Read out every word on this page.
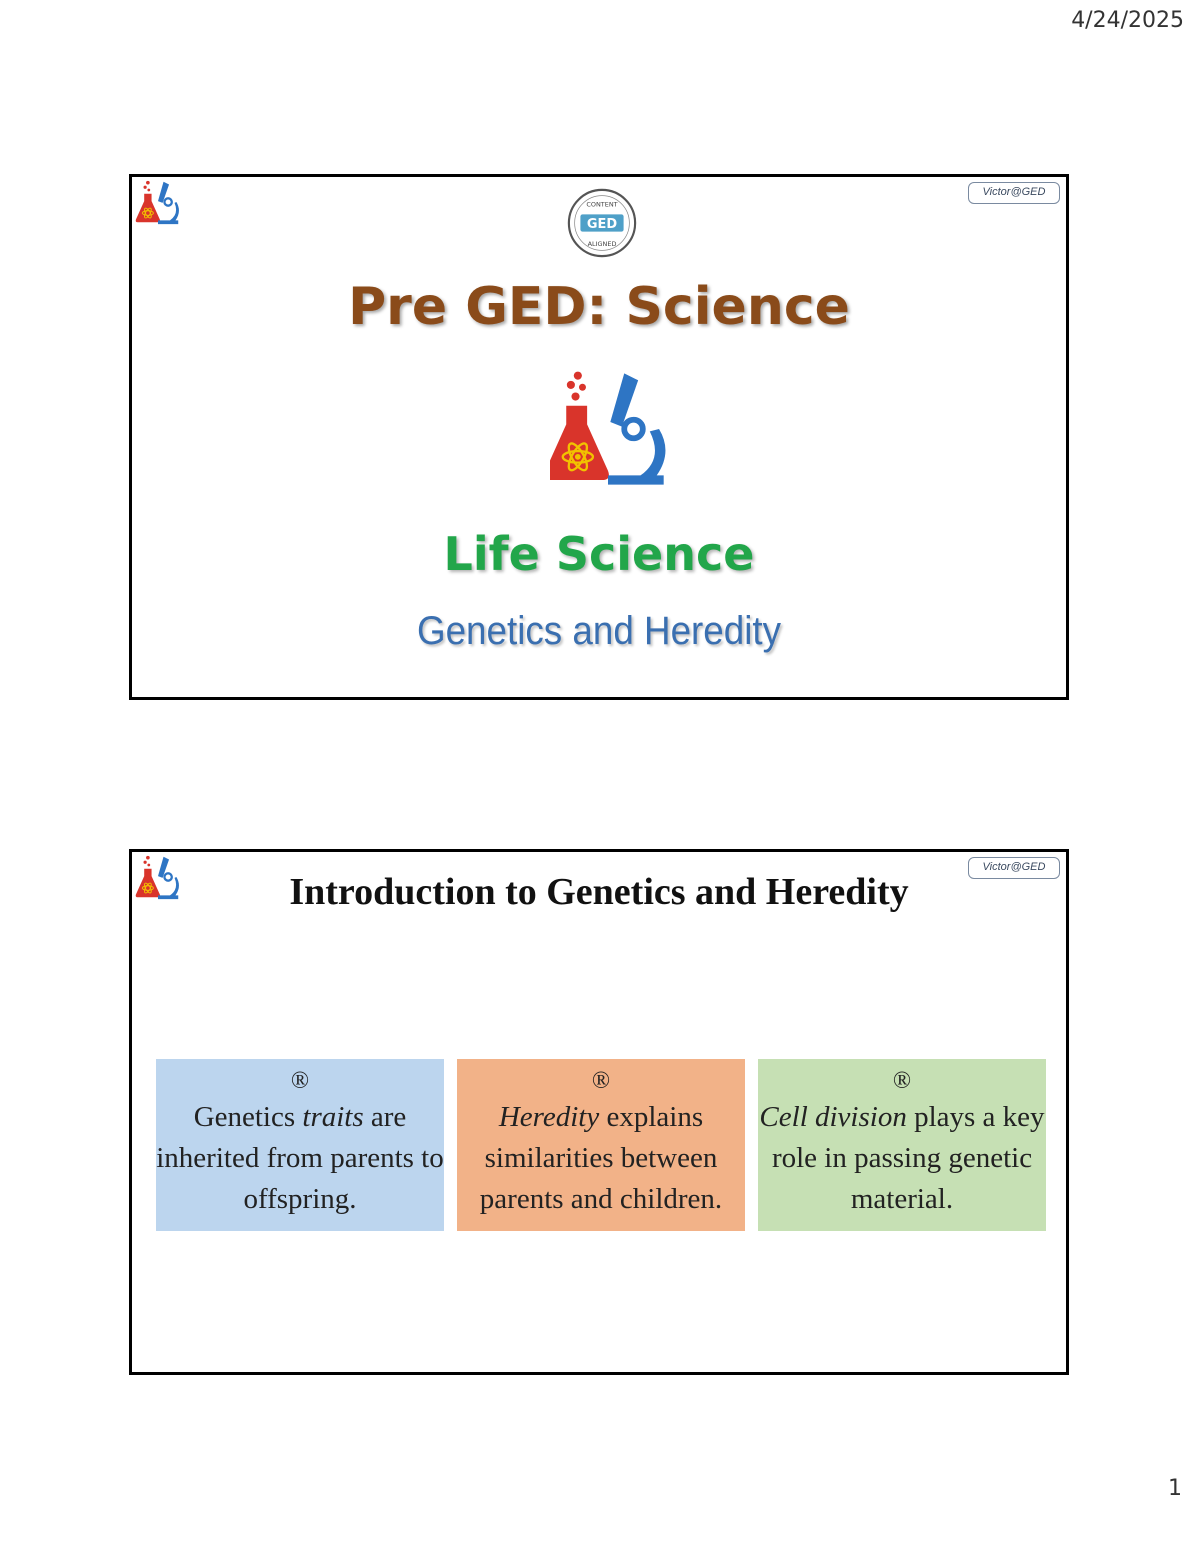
4/24/2025
GED
CONTENT
ALIGNED
Victor@GED
Pre GED: Science
Life Science
Genetics and Heredity
Victor@GED
Introduction to Genetics and Heredity
®
Genetics traits are inherited from parents to offspring.
®
Heredity explains similarities between parents and children.
®
Cell division plays a key role in passing genetic material.
1
